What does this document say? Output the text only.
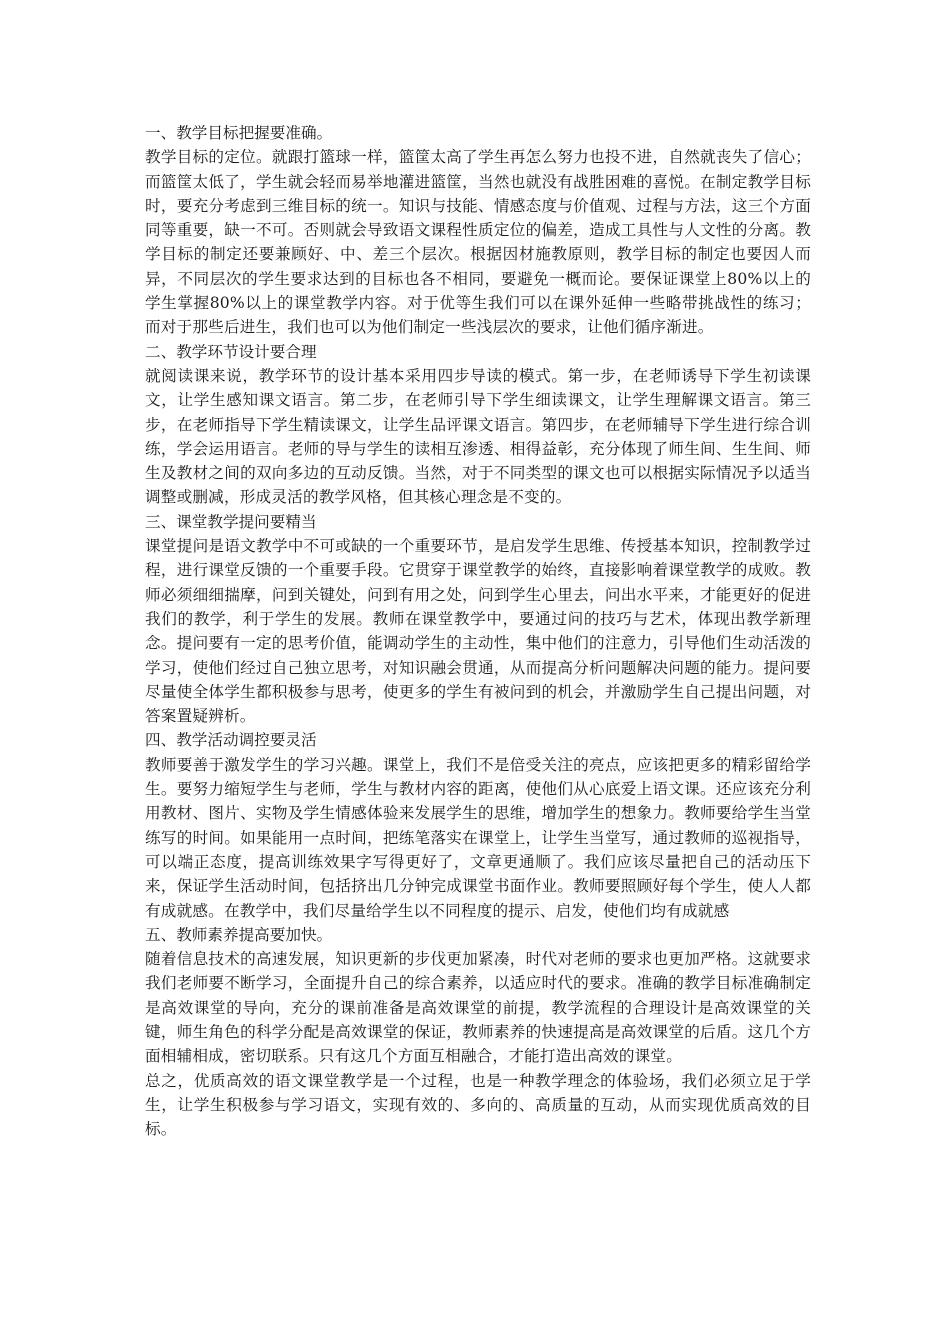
一、教学目标把握要准确。

教学目标的定位。就跟打篮球一样，篮筐太高了学生再怎么努力也投不进，自然就丧失了信心；而篮筐太低了，学生就会轻而易举地灌进篮筐，当然也就没有战胜困难的喜悦。在制定教学目标时，要充分考虑到三维目标的统一。知识与技能、情感态度与价值观、过程与方法，这三个方面同等重要，缺一不可。否则就会导致语文课程性质定位的偏差，造成工具性与人文性的分离。教学目标的制定还要兼顾好、中、差三个层次。根据因材施教原则，教学目标的制定也要因人而异，不同层次的学生要求达到的目标也各不相同，要避免一概而论。要保证课堂上80%以上的学生掌握80%以上的课堂教学内容。对于优等生我们可以在课外延伸一些略带挑战性的练习；而对于那些后进生，我们也可以为他们制定一些浅层次的要求，让他们循序渐进。

二、教学环节设计要合理

就阅读课来说，教学环节的设计基本采用四步导读的模式。第一步，在老师诱导下学生初读课文，让学生感知课文语言。第二步，在老师引导下学生细读课文，让学生理解课文语言。第三步，在老师指导下学生精读课文，让学生品评课文语言。第四步，在老师辅导下学生进行综合训练，学会运用语言。老师的导与学生的读相互渗透、相得益彰，充分体现了师生间、生生间、师生及教材之间的双向多边的互动反馈。当然，对于不同类型的课文也可以根据实际情况予以适当调整或删减，形成灵活的教学风格，但其核心理念是不变的。

三、课堂教学提问要精当

课堂提问是语文教学中不可或缺的一个重要环节，是启发学生思维、传授基本知识，控制教学过程，进行课堂反馈的一个重要手段。它贯穿于课堂教学的始终，直接影响着课堂教学的成败。教师必须细细揣摩，问到关键处，问到有用之处，问到学生心里去，问出水平来，才能更好的促进我们的教学，利于学生的发展。教师在课堂教学中，要通过问的技巧与艺术，体现出教学新理念。提问要有一定的思考价值，能调动学生的主动性，集中他们的注意力，引导他们生动活泼的学习，使他们经过自己独立思考，对知识融会贯通，从而提高分析问题解决问题的能力。提问要尽量使全体学生都积极参与思考，使更多的学生有被问到的机会，并激励学生自己提出问题，对答案置疑辨析。

四、教学活动调控要灵活

教师要善于激发学生的学习兴趣。课堂上，我们不是倍受关注的亮点，应该把更多的精彩留给学生。要努力缩短学生与老师，学生与教材内容的距离，使他们从心底爱上语文课。还应该充分利用教材、图片、实物及学生情感体验来发展学生的思维，增加学生的想象力。教师要给学生当堂练写的时间。如果能用一点时间，把练笔落实在课堂上，让学生当堂写，通过教师的巡视指导，可以端正态度，提高训练效果字写得更好了，文章更通顺了。我们应该尽量把自己的活动压下来，保证学生活动时间，包括挤出几分钟完成课堂书面作业。教师要照顾好每个学生，使人人都有成就感。在教学中，我们尽量给学生以不同程度的提示、启发，使他们均有成就感

五、教师素养提高要加快。

随着信息技术的高速发展，知识更新的步伐更加紧凑，时代对老师的要求也更加严格。这就要求我们老师要不断学习，全面提升自己的综合素养，以适应时代的要求。准确的教学目标准确制定是高效课堂的导向，充分的课前准备是高效课堂的前提，教学流程的合理设计是高效课堂的关键，师生角色的科学分配是高效课堂的保证，教师素养的快速提高是高效课堂的后盾。这几个方面相辅相成，密切联系。只有这几个方面互相融合，才能打造出高效的课堂。

总之，优质高效的语文课堂教学是一个过程，也是一种教学理念的体验场，我们必须立足于学生，让学生积极参与学习语文，实现有效的、多向的、高质量的互动，从而实现优质高效的目标。
